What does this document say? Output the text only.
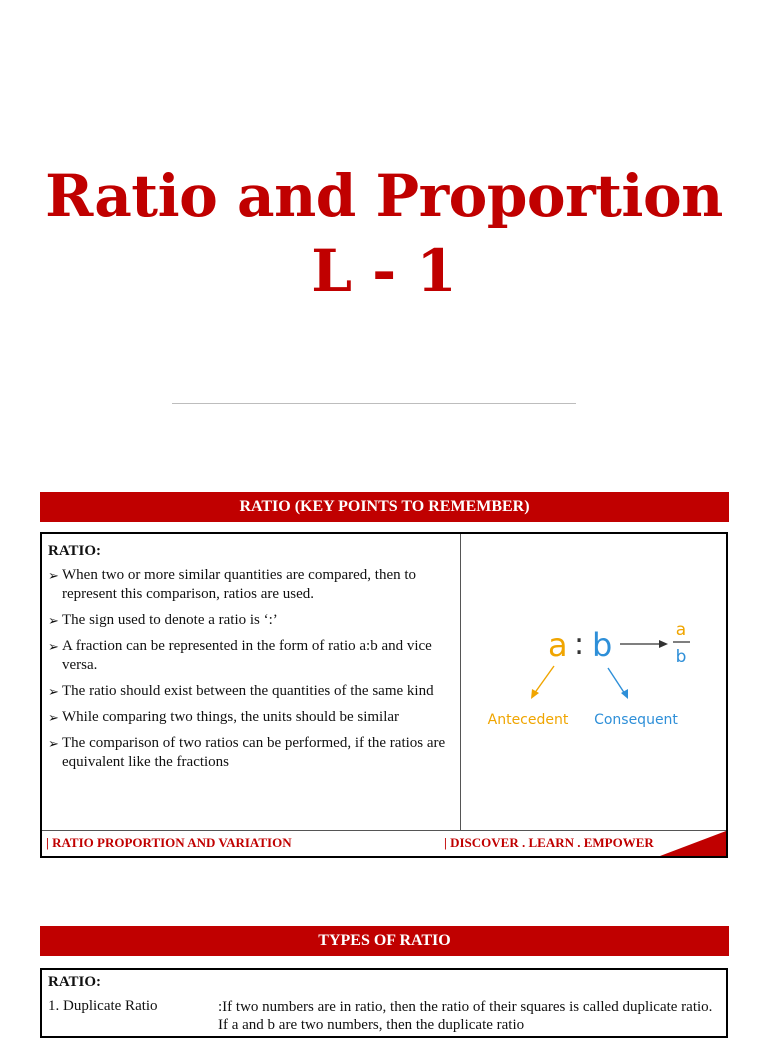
Ratio and Proportion
L - 1
RATIO (KEY POINTS TO REMEMBER)
RATIO:
➢ When two or more similar quantities are compared, then to represent this comparison, ratios are used.
➢ The sign used to denote a ratio is ‘:’
➢ A fraction can be represented in the form of ratio a:b and vice versa.
➢ The ratio should exist between the quantities of the same kind
➢ While comparing two things, the units should be similar
➢ The comparison of two ratios can be performed, if the ratios are equivalent like the fractions
a : b	a
b
Antecedent Consequent
| RATIO PROPORTION AND VARIATION	| DISCOVER . LEARN . EMPOWER
TYPES OF RATIO
RATIO:
1. Duplicate Ratio	:If two numbers are in ratio, then the ratio of their squares is called duplicate ratio. If a and b are two numbers, then the duplicate ratio
